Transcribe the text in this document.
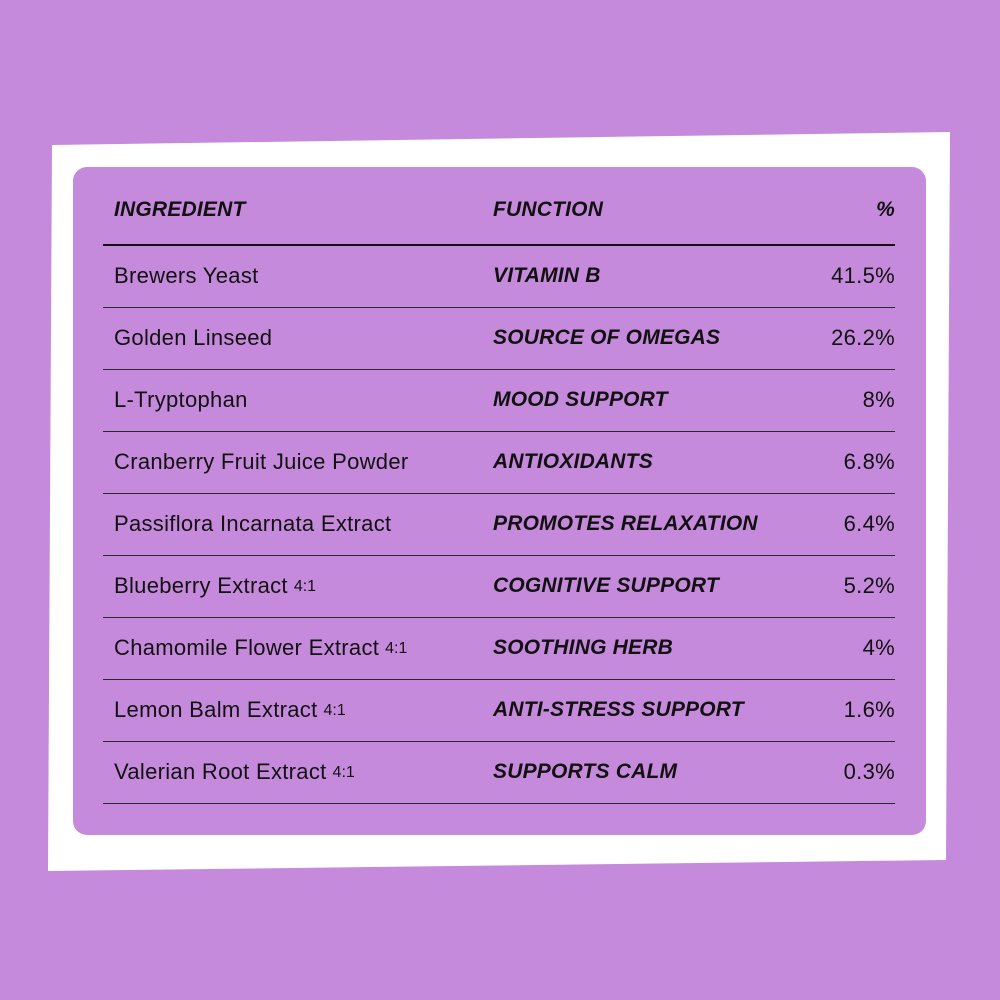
INGREDIENT	FUNCTION	%
Brewers Yeast	VITAMIN B	41.5%
Golden Linseed	SOURCE OF OMEGAS	26.2%
L-Tryptophan	MOOD SUPPORT	8%
Cranberry Fruit Juice Powder	ANTIOXIDANTS	6.8%
Passiflora Incarnata Extract	PROMOTES RELAXATION	6.4%
Blueberry Extract 4:1	COGNITIVE SUPPORT	5.2%
Chamomile Flower Extract 4:1	SOOTHING HERB	4%
Lemon Balm Extract 4:1	ANTI-STRESS SUPPORT	1.6%
Valerian Root Extract 4:1	SUPPORTS CALM	0.3%
